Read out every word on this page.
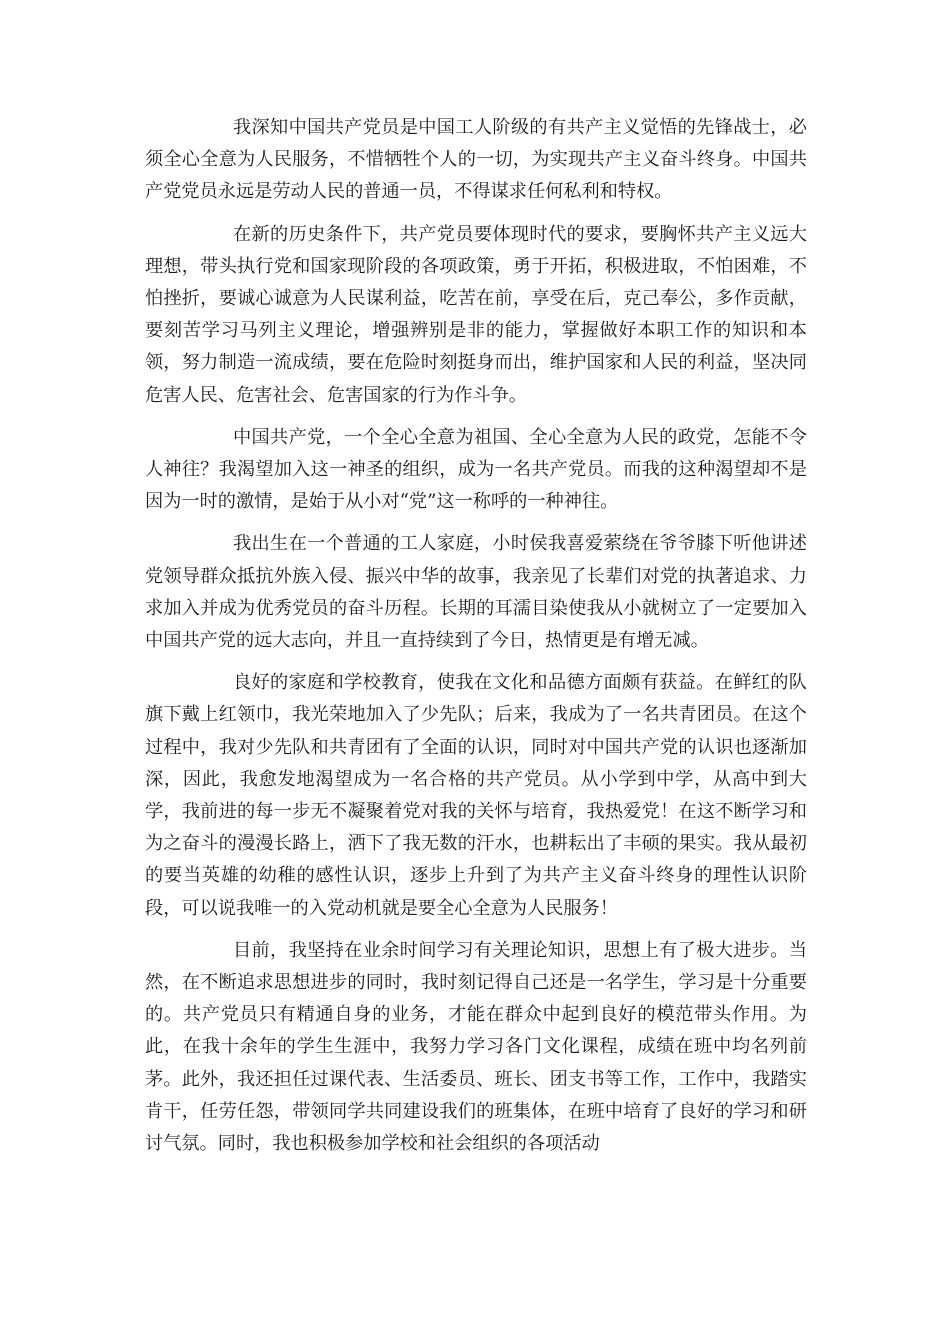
我深知中国共产党员是中国工人阶级的有共产主义觉悟的先锋战士，必须全心全意为人民服务，不惜牺牲个人的一切，为实现共产主义奋斗终身。中国共产党党员永远是劳动人民的普通一员，不得谋求任何私利和特权。

在新的历史条件下，共产党员要体现时代的要求，要胸怀共产主义远大理想，带头执行党和国家现阶段的各项政策，勇于开拓，积极进取，不怕困难，不怕挫折，要诚心诚意为人民谋利益，吃苦在前，享受在后，克己奉公，多作贡献，要刻苦学习马列主义理论，增强辨别是非的能力，掌握做好本职工作的知识和本领，努力制造一流成绩，要在危险时刻挺身而出，维护国家和人民的利益，坚决同危害人民、危害社会、危害国家的行为作斗争。

中国共产党，一个全心全意为祖国、全心全意为人民的政党，怎能不令人神往？我渴望加入这一神圣的组织，成为一名共产党员。而我的这种渴望却不是因为一时的激情，是始于从小对“党”这一称呼的一种神往。

我出生在一个普通的工人家庭，小时侯我喜爱萦绕在爷爷膝下听他讲述党领导群众抵抗外族入侵、振兴中华的故事，我亲见了长辈们对党的执著追求、力求加入并成为优秀党员的奋斗历程。长期的耳濡目染使我从小就树立了一定要加入中国共产党的远大志向，并且一直持续到了今日，热情更是有增无减。

良好的家庭和学校教育，使我在文化和品德方面颇有获益。在鲜红的队旗下戴上红领巾，我光荣地加入了少先队；后来，我成为了一名共青团员。在这个过程中，我对少先队和共青团有了全面的认识，同时对中国共产党的认识也逐渐加深，因此，我愈发地渴望成为一名合格的共产党员。从小学到中学，从高中到大学，我前进的每一步无不凝聚着党对我的关怀与培育，我热爱党！在这不断学习和为之奋斗的漫漫长路上，洒下了我无数的汗水，也耕耘出了丰硕的果实。我从最初的要当英雄的幼稚的感性认识，逐步上升到了为共产主义奋斗终身的理性认识阶段，可以说我唯一的入党动机就是要全心全意为人民服务！

目前，我坚持在业余时间学习有关理论知识，思想上有了极大进步。当然，在不断追求思想进步的同时，我时刻记得自己还是一名学生，学习是十分重要的。共产党员只有精通自身的业务，才能在群众中起到良好的模范带头作用。为此，在我十余年的学生生涯中，我努力学习各门文化课程，成绩在班中均名列前茅。此外，我还担任过课代表、生活委员、班长、团支书等工作，工作中，我踏实肯干，任劳任怨，带领同学共同建设我们的班集体，在班中培育了良好的学习和研讨气氛。同时，我也积极参加学校和社会组织的各项活动
